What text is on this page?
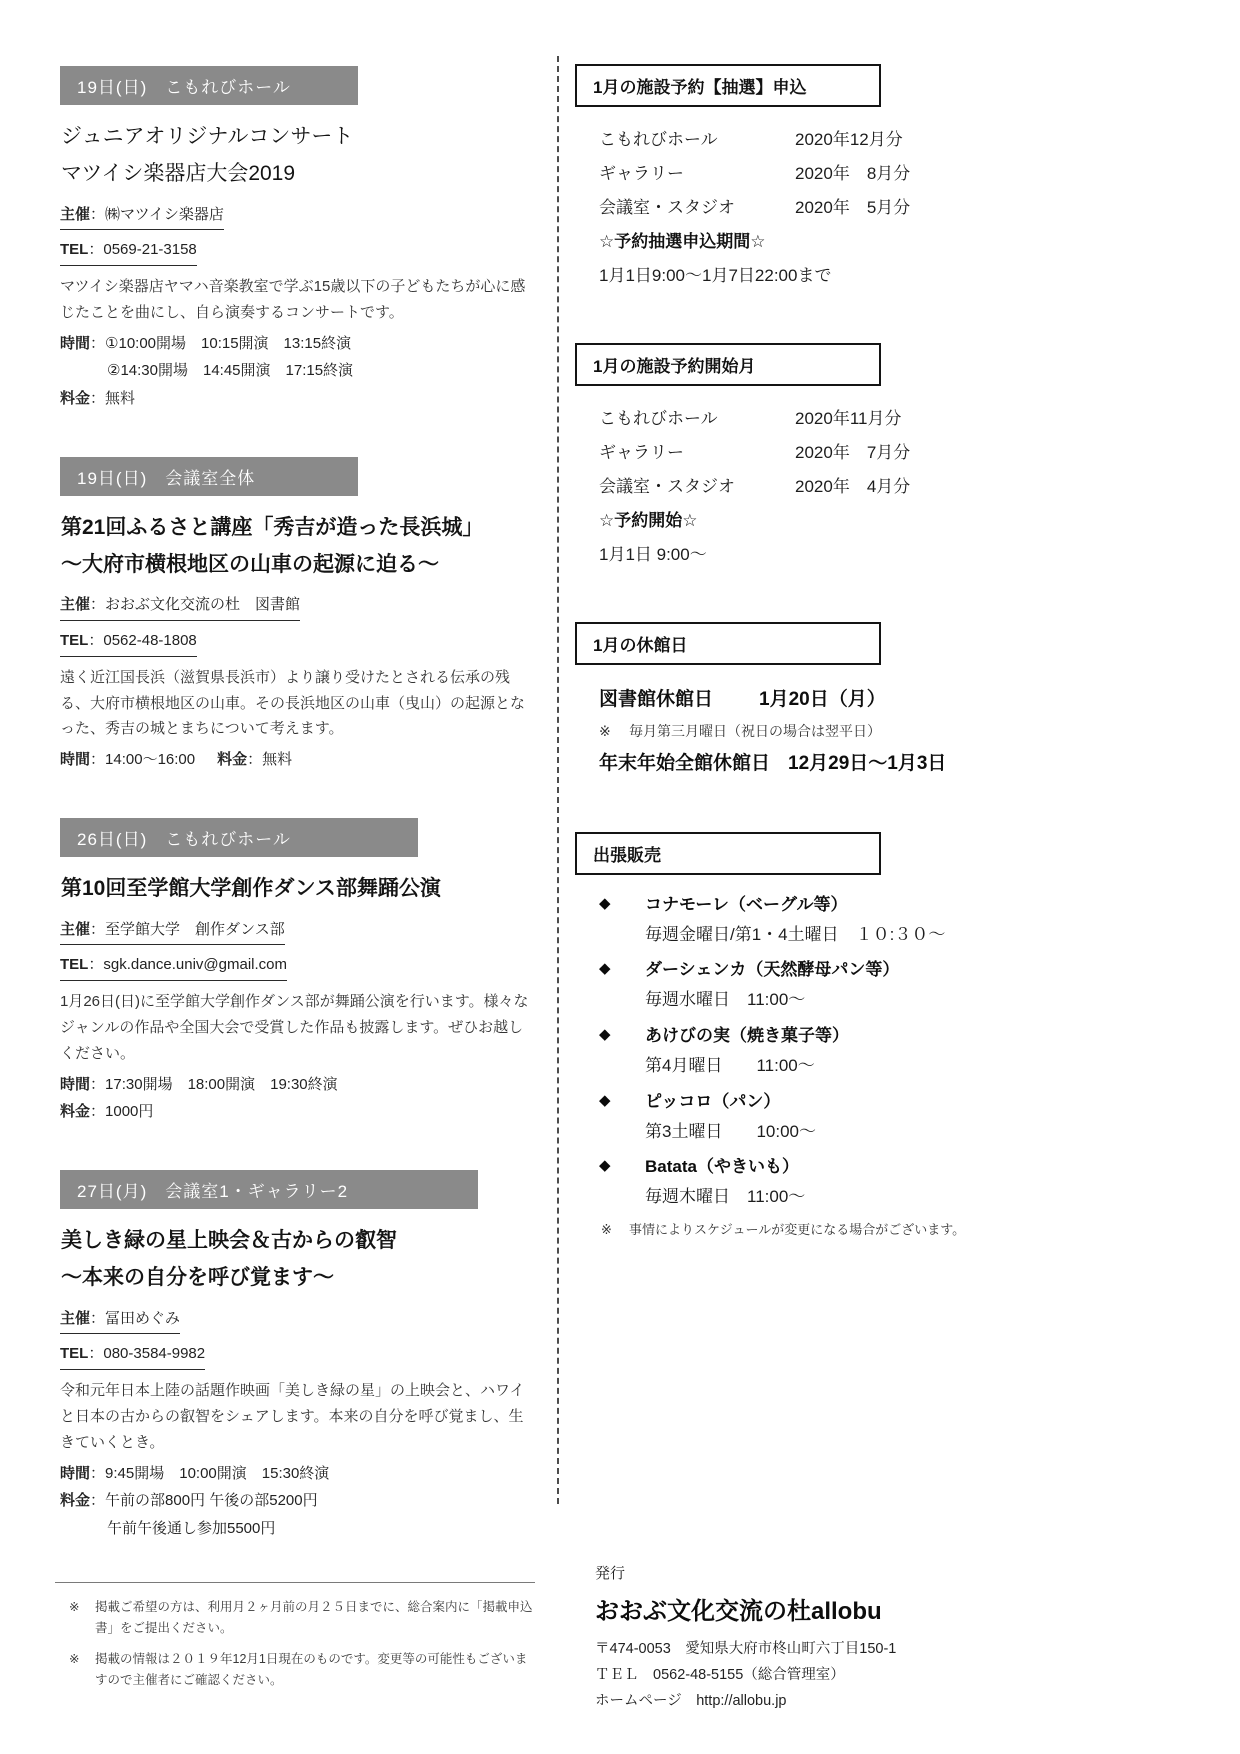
19日(日)　こもれびホール
ジュニアオリジナルコンサート
マツイシ楽器店大会2019
主催：㈱マツイシ楽器店
TEL：0569-21-3158
マツイシ楽器店ヤマハ音楽教室で学ぶ15歳以下の子どもたちが心に感じたことを曲にし、自ら演奏するコンサートです。
時間：①10:00開場　10:15開演　13:15終演
②14:30開場　14:45開演　17:15終演
料金：無料
19日(日)　会議室全体
第21回ふるさと講座「秀吉が造った長浜城」
～大府市横根地区の山車の起源に迫る～
主催：おおぶ文化交流の杜　図書館
TEL：0562-48-1808
遠く近江国長浜（滋賀県長浜市）より譲り受けたとされる伝承の残る、大府市横根地区の山車。その長浜地区の山車（曳山）の起源となった、秀吉の城とまちについて考えます。
時間：14:00～16:00 料金：無料
26日(日)　こもれびホール
第10回至学館大学創作ダンス部舞踊公演
主催：至学館大学　創作ダンス部
TEL：sgk.dance.univ@gmail.com
1月26日(日)に至学館大学創作ダンス部が舞踊公演を行います。様々なジャンルの作品や全国大会で受賞した作品も披露します。ぜひお越しください。
時間：17:30開場　18:00開演　19:30終演
料金：1000円
27日(月)　会議室1・ギャラリー2
美しき緑の星上映会＆古からの叡智
～本来の自分を呼び覚ます～
主催：冨田めぐみ
TEL：080-3584-9982
令和元年日本上陸の話題作映画「美しき緑の星」の上映会と、ハワイと日本の古からの叡智をシェアします。本来の自分を呼び覚まし、生きていくとき。
時間：9:45開場　10:00開演　15:30終演
料金：午前の部800円 午後の部5200円
午前午後通し参加5500円
※	掲載ご希望の方は、利用月２ヶ月前の月２５日までに、総合案内に「掲載申込書」をご提出ください。
※	掲載の情報は２０１９年12月1日現在のものです。変更等の可能性もございますので主催者にご確認ください。
1月の施設予約【抽選】申込
こもれびホール	2020年12月分
ギャラリー	2020年　8月分
会議室・スタジオ	2020年　5月分
☆予約抽選申込期間☆
1月1日9:00～1月7日22:00まで
1月の施設予約開始月
こもれびホール	2020年11月分
ギャラリー	2020年　7月分
会議室・スタジオ	2020年　4月分
☆予約開始☆
1月1日 9:00～
1月の休館日
図書館休館日 1月20日（月）
※	毎月第三月曜日（祝日の場合は翌平日）
年末年始全館休館日 12月29日～1月3日
出張販売
◆	コナモーレ（ベーグル等）
毎週金曜日/第1・4土曜日　１０:３０～
◆	ダーシェンカ（天然酵母パン等）
毎週水曜日　11:00～
◆	あけびの実（焼き菓子等）
第4月曜日　　11:00～
◆	ピッコロ（パン）
第3土曜日　　10:00～
◆	Batata（やきいも）
毎週木曜日　11:00～
※	事情によりスケジュールが変更になる場合がございます。
発行
おおぶ文化交流の杜allobu
〒474-0053　愛知県大府市柊山町六丁目150-1
ＴＥＬ　0562-48-5155（総合管理室）
ホームページ　http://allobu.jp
